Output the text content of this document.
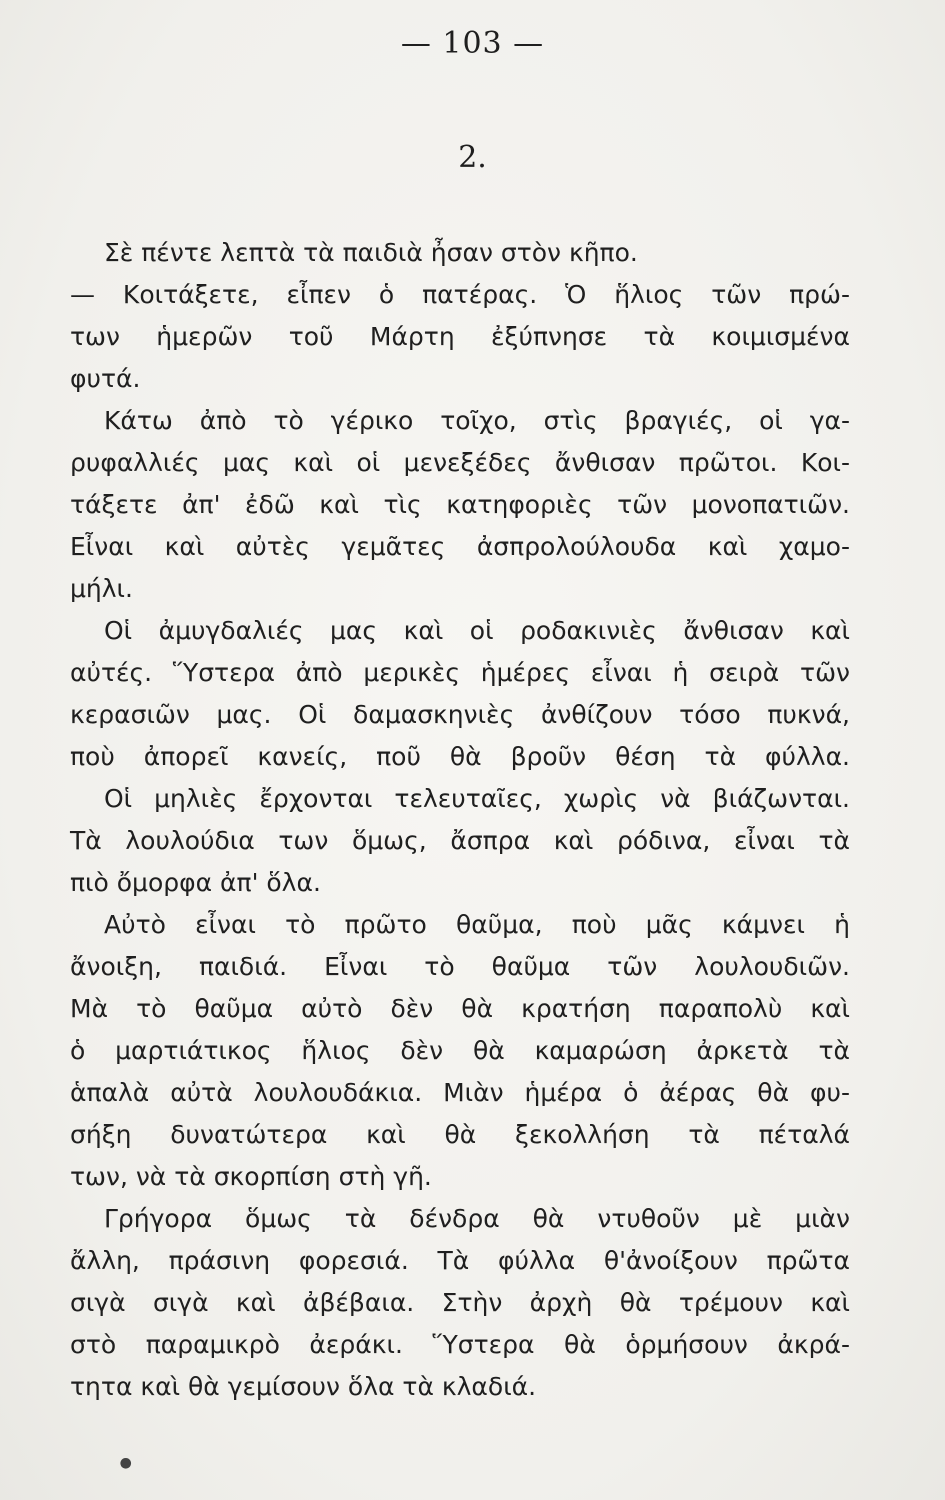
— 103 —
2.
Σὲ πέντε λεπτὰ τὰ παιδιὰ ἦσαν στὸν κῆπο.
— Κοιτάξετε, εἶπεν ὁ πατέρας. Ὁ ἥλιος τῶν πρώ-
των ἡμερῶν τοῦ Μάρτη ἐξύπνησε τὰ κοιμισμένα
φυτά.
Κάτω ἀπὸ τὸ γέρικο τοῖχο, στὶς βραγιές, οἱ γα-
ρυφαλλιές μας καὶ οἱ μενεξέδες ἄνθισαν πρῶτοι. Κοι-
τάξετε ἀπ' ἐδῶ καὶ τὶς κατηφοριὲς τῶν μονοπατιῶν.
Εἶναι καὶ αὐτὲς γεμᾶτες ἀσπρολούλουδα καὶ χαμο-
μήλι.
Οἱ ἀμυγδαλιές μας καὶ οἱ ροδακινιὲς ἄνθισαν καὶ
αὐτές. Ὕστερα ἀπὸ μερικὲς ἡμέρες εἶναι ἡ σειρὰ τῶν
κερασιῶν μας. Οἱ δαμασκηνιὲς ἀνθίζουν τόσο πυκνά,
ποὺ ἀπορεῖ κανείς, ποῦ θὰ βροῦν θέση τὰ φύλλα.
Οἱ μηλιὲς ἔρχονται τελευταῖες, χωρὶς νὰ βιάζωνται.
Τὰ λουλούδια των ὅμως, ἄσπρα καὶ ρόδινα, εἶναι τὰ
πιὸ ὄμορφα ἀπ' ὅλα.
Αὐτὸ εἶναι τὸ πρῶτο θαῦμα, ποὺ μᾶς κάμνει ἡ
ἄνοιξη, παιδιά. Εἶναι τὸ θαῦμα τῶν λουλουδιῶν.
Μὰ τὸ θαῦμα αὐτὸ δὲν θὰ κρατήση παραπολὺ καὶ
ὁ μαρτιάτικος ἥλιος δὲν θὰ καμαρώση ἀρκετὰ τὰ
ἁπαλὰ αὐτὰ λουλουδάκια. Μιὰν ἡμέρα ὁ ἀέρας θὰ φυ-
σήξη δυνατώτερα καὶ θὰ ξεκολλήση τὰ πέταλά
των, νὰ τὰ σκορπίση στὴ γῆ.
Γρήγορα ὅμως τὰ δένδρα θὰ ντυθοῦν μὲ μιὰν
ἄλλη, πράσινη φορεσιά. Τὰ φύλλα θ'ἀνοίξουν πρῶτα
σιγὰ σιγὰ καὶ ἀβέβαια. Στὴν ἀρχὴ θὰ τρέμουν καὶ
στὸ παραμικρὸ ἀεράκι. Ὕστερα θὰ ὁρμήσουν ἀκρά-
τητα καὶ θὰ γεμίσουν ὅλα τὰ κλαδιά.
●
